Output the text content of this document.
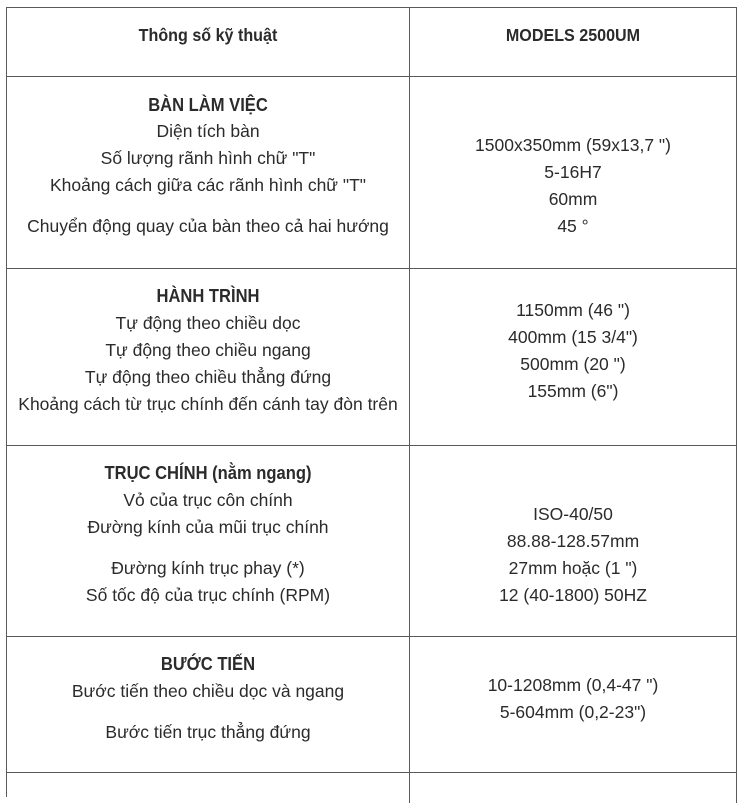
Thông số kỹ thuật	MODELS 2500UM
BÀN LÀM VIỆC
Diện tích bàn
Số lượng rãnh hình chữ "T"
Khoảng cách giữa các rãnh hình chữ "T"
Chuyển động quay của bàn theo cả hai hướng
1500x350mm (59x13,7 ")
5-16H7
60mm
45 °
HÀNH TRÌNH
Tự động theo chiều dọc
Tự động theo chiều ngang
Tự động theo chiều thẳng đứng
Khoảng cách từ trục chính đến cánh tay đòn trên
1150mm (46 ")
400mm (15 3/4")
500mm (20 ")
155mm (6")
TRỤC CHÍNH (nằm ngang)
Vỏ của trục côn chính
Đường kính của mũi trục chính
Đường kính trục phay (*)
Số tốc độ của trục chính (RPM)
ISO-40/50
88.88-128.57mm
27mm hoặc (1 ")
12 (40-1800) 50HZ
BƯỚC TIẾN
Bước tiến theo chiều dọc và ngang
Bước tiến trục thẳng đứng
10-1208mm (0,4-47 ")
5-604mm (0,2-23")
